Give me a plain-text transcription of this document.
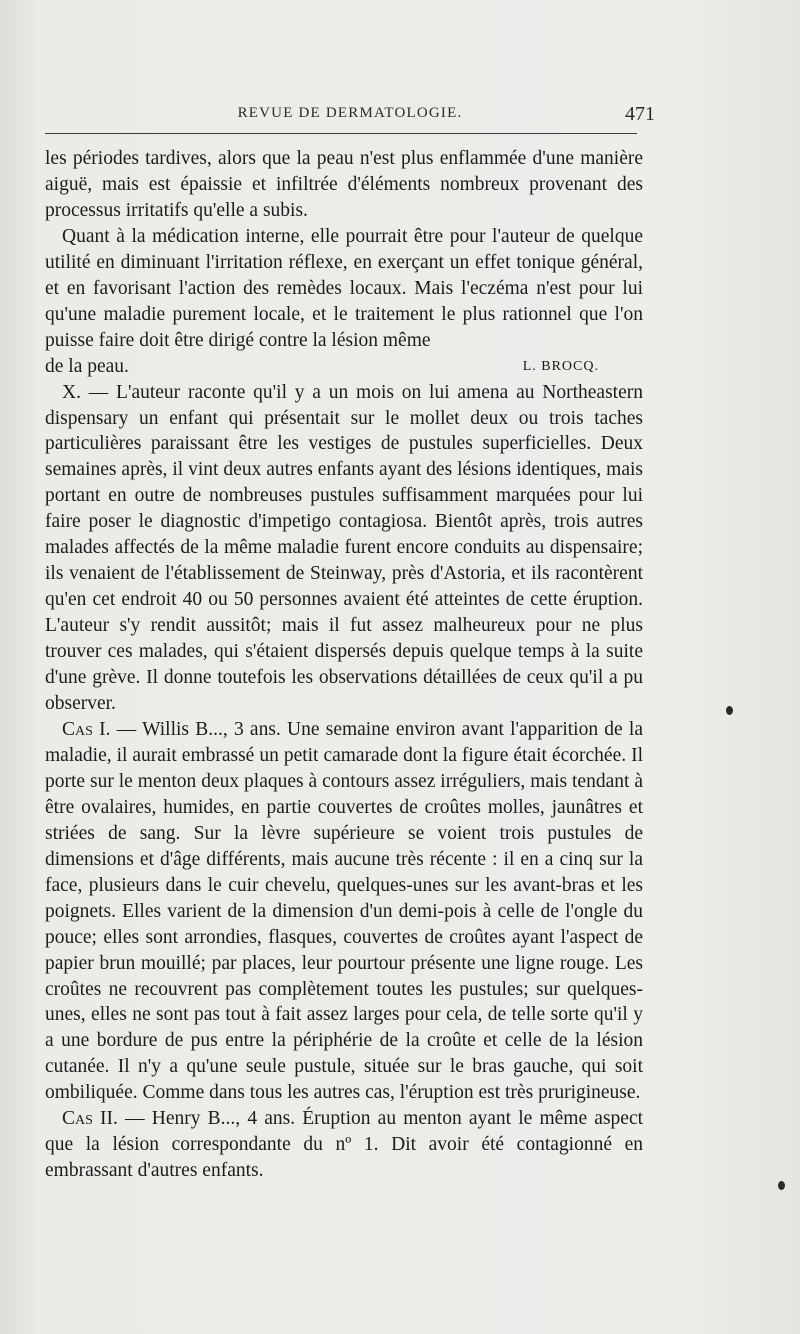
REVUE DE DERMATOLOGIE.	471

les périodes tardives, alors que la peau n'est plus enflammée d'une manière aiguë, mais est épaissie et infiltrée d'éléments nombreux provenant des processus irritatifs qu'elle a subis.

Quant à la médication interne, elle pourrait être pour l'auteur de quelque utilité en diminuant l'irritation réflexe, en exerçant un effet tonique général, et en favorisant l'action des remèdes locaux. Mais l'eczéma n'est pour lui qu'une maladie purement locale, et le traitement le plus rationnel que l'on puisse faire doit être dirigé contre la lésion même

de la peau.	L. BROCQ.

X. — L'auteur raconte qu'il y a un mois on lui amena au Northeastern dispensary un enfant qui présentait sur le mollet deux ou trois taches particulières paraissant être les vestiges de pustules superficielles. Deux semaines après, il vint deux autres enfants ayant des lésions identiques, mais portant en outre de nombreuses pustules suffisamment marquées pour lui faire poser le diagnostic d'impetigo contagiosa. Bientôt après, trois autres malades affectés de la même maladie furent encore conduits au dispensaire; ils venaient de l'établissement de Steinway, près d'Astoria, et ils racontèrent qu'en cet endroit 40 ou 50 personnes avaient été atteintes de cette éruption. L'auteur s'y rendit aussitôt; mais il fut assez malheureux pour ne plus trouver ces malades, qui s'étaient dispersés depuis quelque temps à la suite d'une grève. Il donne toutefois les observations détaillées de ceux qu'il a pu observer.

Cas I. — Willis B..., 3 ans. Une semaine environ avant l'apparition de la maladie, il aurait embrassé un petit camarade dont la figure était écorchée. Il porte sur le menton deux plaques à contours assez irréguliers, mais tendant à être ovalaires, humides, en partie couvertes de croûtes molles, jaunâtres et striées de sang. Sur la lèvre supérieure se voient trois pustules de dimensions et d'âge différents, mais aucune très récente : il en a cinq sur la face, plusieurs dans le cuir chevelu, quelques-unes sur les avant-bras et les poignets. Elles varient de la dimension d'un demi-pois à celle de l'ongle du pouce; elles sont arrondies, flasques, couvertes de croûtes ayant l'aspect de papier brun mouillé; par places, leur pourtour présente une ligne rouge. Les croûtes ne recouvrent pas complètement toutes les pustules; sur quelques-unes, elles ne sont pas tout à fait assez larges pour cela, de telle sorte qu'il y a une bordure de pus entre la périphérie de la croûte et celle de la lésion cutanée. Il n'y a qu'une seule pustule, située sur le bras gauche, qui soit ombiliquée. Comme dans tous les autres cas, l'éruption est très prurigineuse.

Cas II. — Henry B..., 4 ans. Éruption au menton ayant le même aspect que la lésion correspondante du nº 1. Dit avoir été contagionné en embrassant d'autres enfants.
